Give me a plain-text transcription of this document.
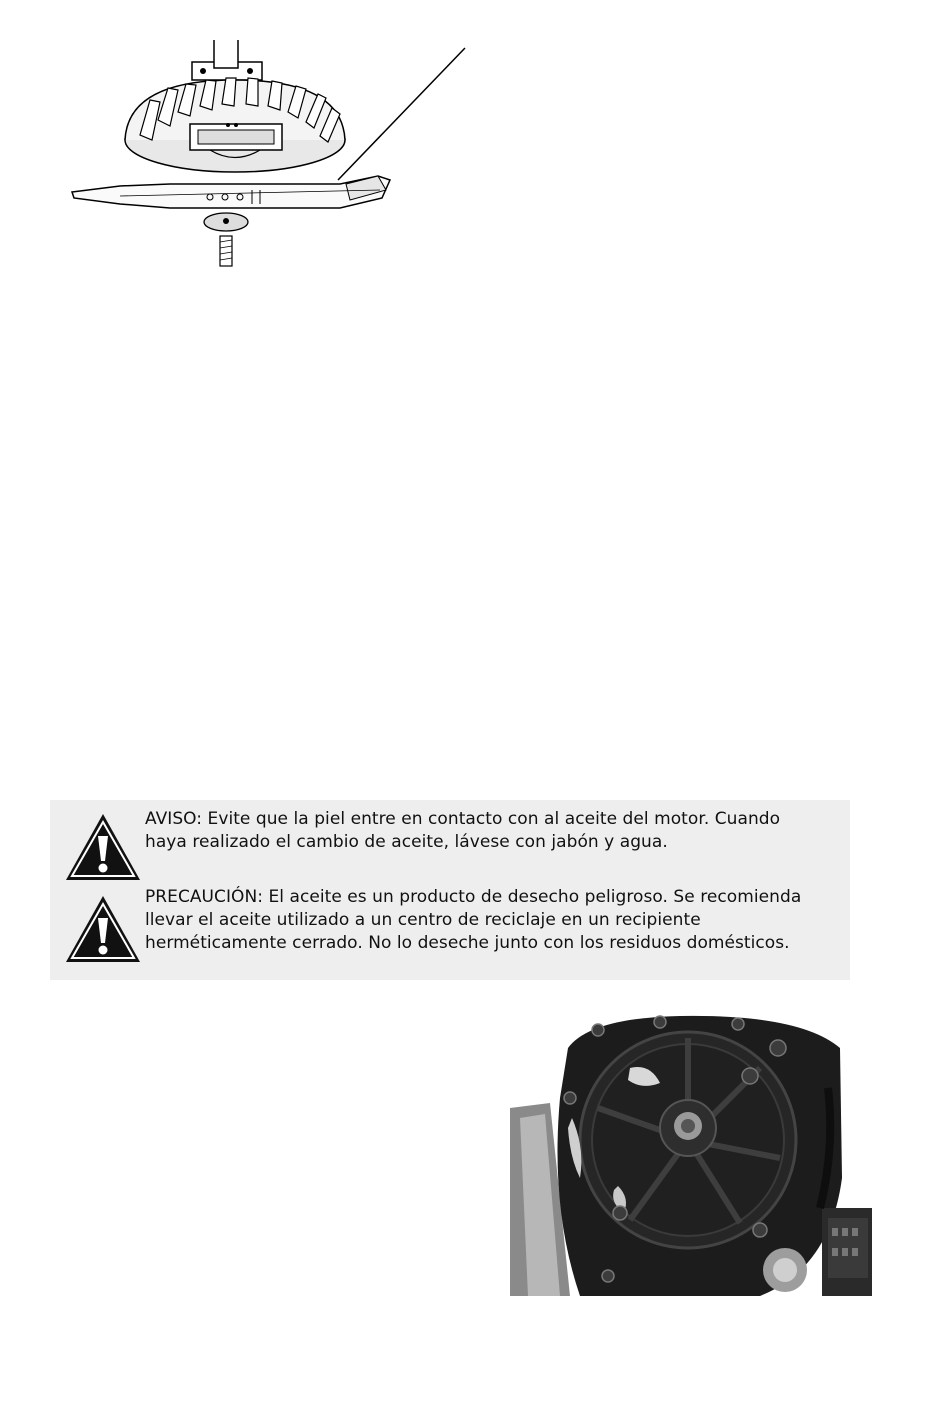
AVISO: Evite que la piel entre en contacto con al aceite del motor. Cuando
haya realizado el cambio de aceite, lávese con jabón y agua.
PRECAUCIÓN: El aceite es un producto de desecho peligroso. Se recomienda
llevar el aceite utilizado a un centro de reciclaje en un recipiente
herméticamente cerrado. No lo deseche junto con los residuos domésticos.
